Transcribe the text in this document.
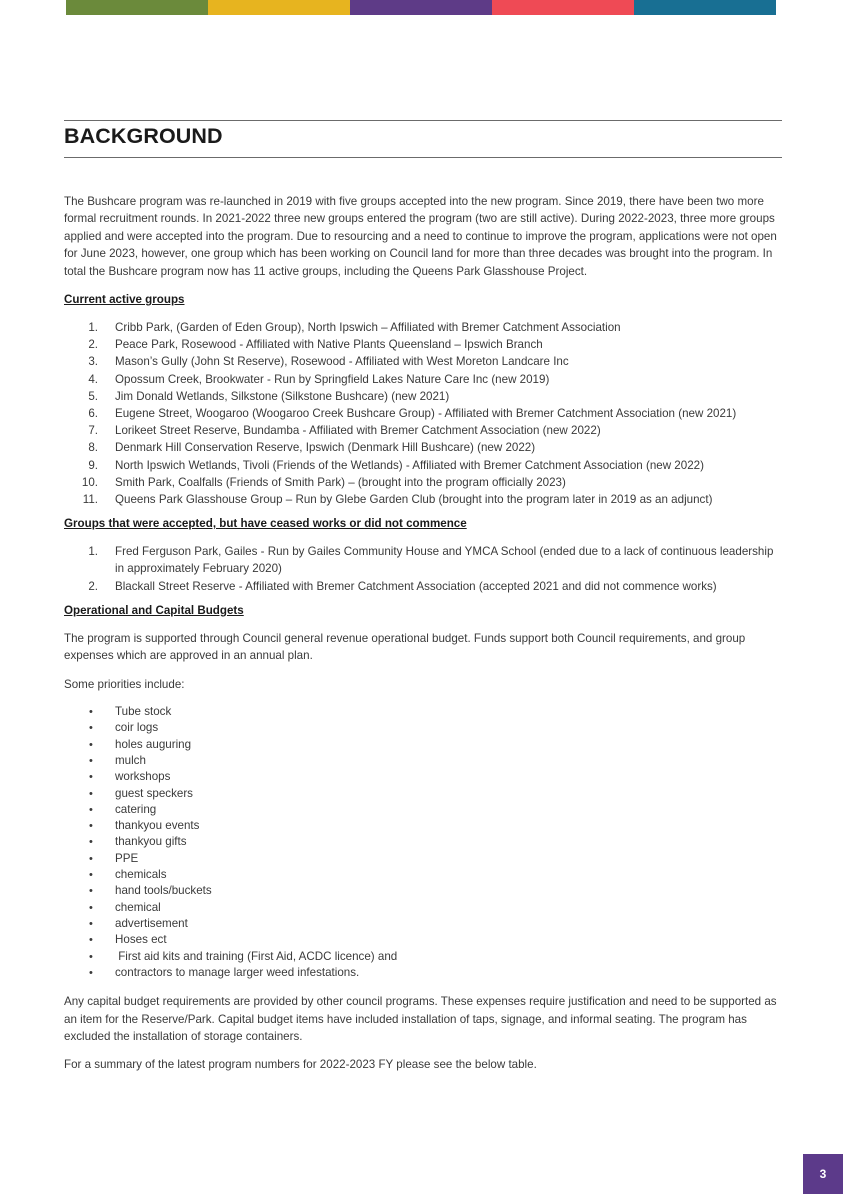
BACKGROUND

The Bushcare program was re-launched in 2019 with five groups accepted into the new program. Since 2019, there have been two more formal recruitment rounds. In 2021-2022 three new groups entered the program (two are still active). During 2022-2023, three more groups applied and were accepted into the program. Due to resourcing and a need to continue to improve the program, applications were not open for June 2023, however, one group which has been working on Council land for more than three decades was brought into the program. In total the Bushcare program now has 11 active groups, including the Queens Park Glasshouse Project.

Current active groups

1. Cribb Park, (Garden of Eden Group), North Ipswich – Affiliated with Bremer Catchment Association
2. Peace Park, Rosewood - Affiliated with Native Plants Queensland – Ipswich Branch
3. Mason’s Gully (John St Reserve), Rosewood - Affiliated with West Moreton Landcare Inc
4. Opossum Creek, Brookwater - Run by Springfield Lakes Nature Care Inc (new 2019)
5. Jim Donald Wetlands, Silkstone (Silkstone Bushcare) (new 2021)
6. Eugene Street, Woogaroo (Woogaroo Creek Bushcare Group) - Affiliated with Bremer Catchment Association (new 2021)
7. Lorikeet Street Reserve, Bundamba - Affiliated with Bremer Catchment Association (new 2022)
8. Denmark Hill Conservation Reserve, Ipswich (Denmark Hill Bushcare) (new 2022)
9. North Ipswich Wetlands, Tivoli (Friends of the Wetlands) - Affiliated with Bremer Catchment Association (new 2022)
10. Smith Park, Coalfalls (Friends of Smith Park) – (brought into the program officially 2023)
11. Queens Park Glasshouse Group – Run by Glebe Garden Club (brought into the program later in 2019 as an adjunct)

Groups that were accepted, but have ceased works or did not commence

1. Fred Ferguson Park, Gailes - Run by Gailes Community House and YMCA School (ended due to a lack of continuous leadership in approximately February 2020)
2. Blackall Street Reserve - Affiliated with Bremer Catchment Association (accepted 2021 and did not commence works)

Operational and Capital Budgets

The program is supported through Council general revenue operational budget. Funds support both Council requirements, and group expenses which are approved in an annual plan.

Some priorities include:

• Tube stock
• coir logs
• holes auguring
• mulch
• workshops
• guest speckers
• catering
• thankyou events
• thankyou gifts
• PPE
• chemicals
• hand tools/buckets
• chemical
• advertisement
• Hoses ect
• First aid kits and training (First Aid, ACDC licence) and
• contractors to manage larger weed infestations.

Any capital budget requirements are provided by other council programs. These expenses require justification and need to be supported as an item for the Reserve/Park. Capital budget items have included installation of taps, signage, and informal seating. The program has excluded the installation of storage containers.

For a summary of the latest program numbers for 2022-2023 FY please see the below table.

3
